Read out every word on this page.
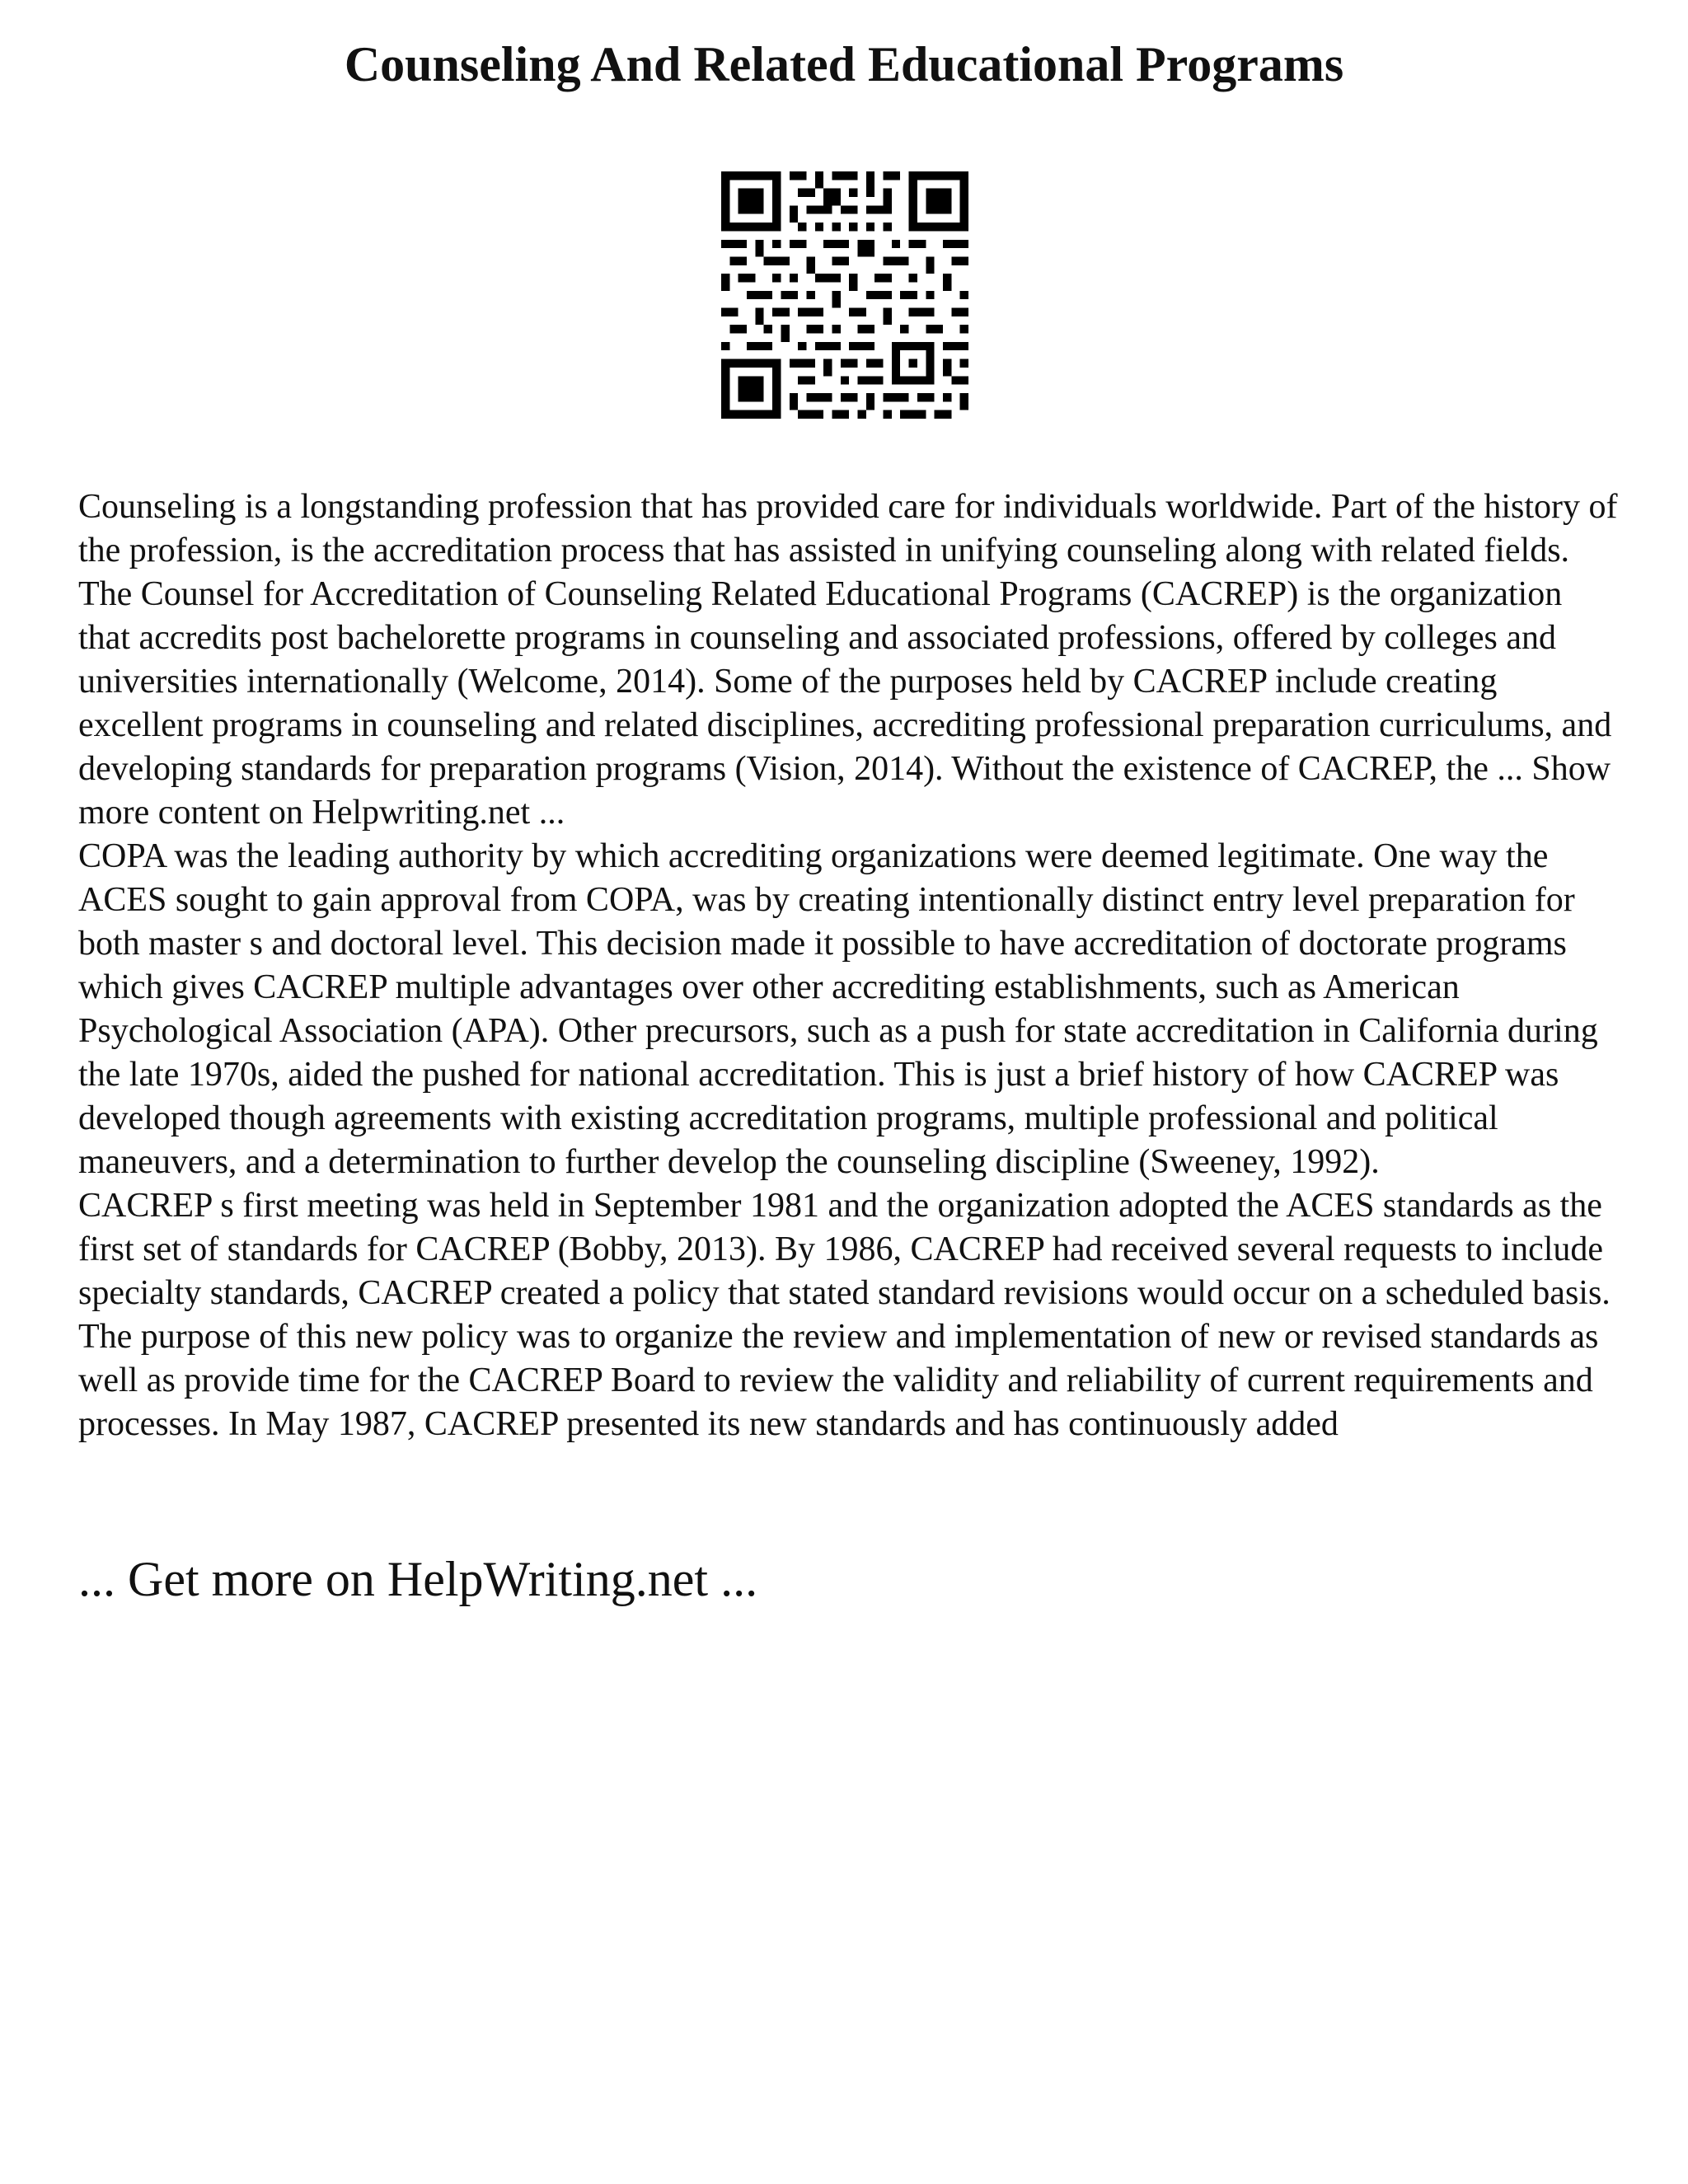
Counseling And Related Educational Programs

Counseling is a longstanding profession that has provided care for individuals worldwide. Part of the history of the profession, is the accreditation process that has assisted in unifying counseling along with related fields. The Counsel for Accreditation of Counseling Related Educational Programs (CACREP) is the organization that accredits post bachelorette programs in counseling and associated professions, offered by colleges and universities internationally (Welcome, 2014). Some of the purposes held by CACREP include creating excellent programs in counseling and related disciplines, accrediting professional preparation curriculums, and developing standards for preparation programs (Vision, 2014). Without the existence of CACREP, the ... Show more content on Helpwriting.net ...

COPA was the leading authority by which accrediting organizations were deemed legitimate. One way the ACES sought to gain approval from COPA, was by creating intentionally distinct entry level preparation for both master s and doctoral level. This decision made it possible to have accreditation of doctorate programs which gives CACREP multiple advantages over other accrediting establishments, such as American Psychological Association (APA). Other precursors, such as a push for state accreditation in California during the late 1970s, aided the pushed for national accreditation. This is just a brief history of how CACREP was developed though agreements with existing accreditation programs, multiple professional and political maneuvers, and a determination to further develop the counseling discipline (Sweeney, 1992).

CACREP s first meeting was held in September 1981 and the organization adopted the ACES standards as the first set of standards for CACREP (Bobby, 2013). By 1986, CACREP had received several requests to include specialty standards, CACREP created a policy that stated standard revisions would occur on a scheduled basis. The purpose of this new policy was to organize the review and implementation of new or revised standards as well as provide time for the CACREP Board to review the validity and reliability of current requirements and processes. In May 1987, CACREP presented its new standards and has continuously added

... Get more on HelpWriting.net ...
